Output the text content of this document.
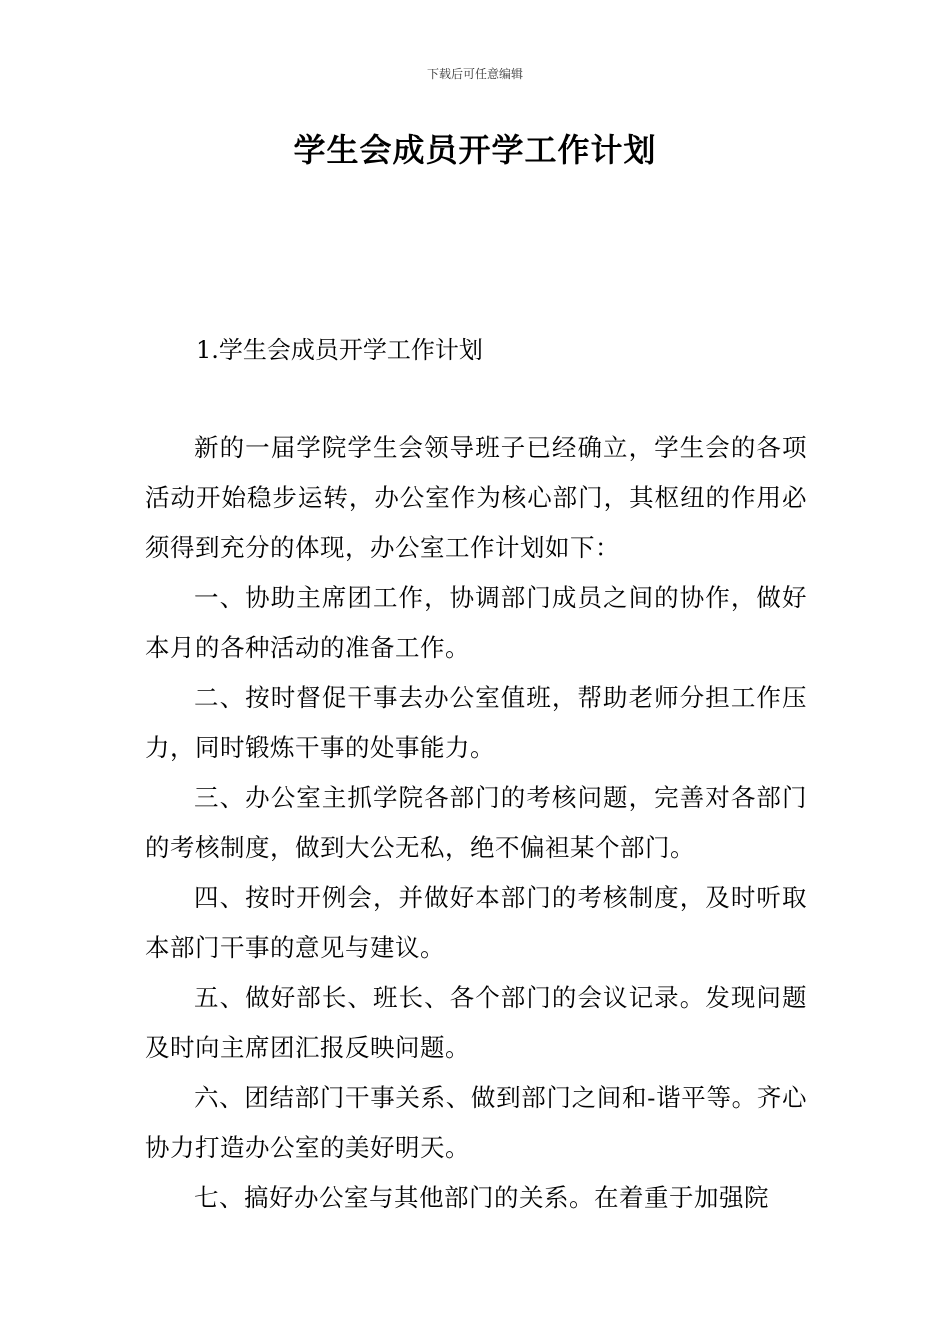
下载后可任意编辑
学生会成员开学工作计划
1.学生会成员开学工作计划

新的一届学院学生会领导班子已经确立，学生会的各项活动开始稳步运转，办公室作为核心部门，其枢纽的作用必须得到充分的体现，办公室工作计划如下：

一、协助主席团工作，协调部门成员之间的协作，做好本月的各种活动的准备工作。

二、按时督促干事去办公室值班，帮助老师分担工作压力，同时锻炼干事的处事能力。

三、办公室主抓学院各部门的考核问题，完善对各部门的考核制度，做到大公无私，绝不偏袒某个部门。

四、按时开例会，并做好本部门的考核制度，及时听取本部门干事的意见与建议。

五、做好部长、班长、各个部门的会议记录。发现问题及时向主席团汇报反映问题。

六、团结部门干事关系、做到部门之间和-谐平等。齐心协力打造办公室的美好明天。

七、搞好办公室与其他部门的关系。在着重于加强院
